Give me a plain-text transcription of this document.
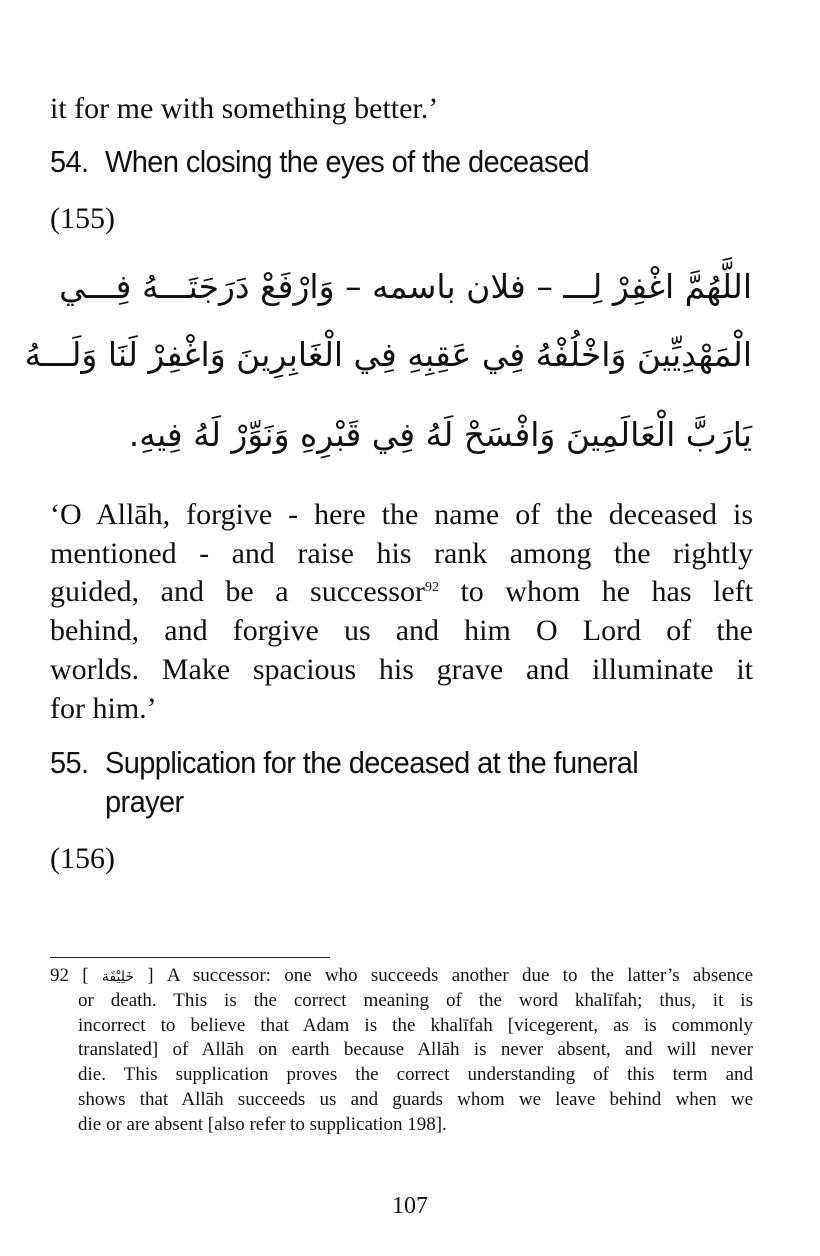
it for me with something better.’
54. When closing the eyes of the deceased
(155)
اللَّهُمَّ اغْفِرْ لِـــ – فلان باسمه – وَارْفَعْ دَرَجَتَـــهُ فِـــي
الْمَهْدِيِّينَ وَاخْلُفْهُ فِي عَقِبِهِ فِي الْغَابِرِينَ وَاغْفِرْ لَنَا وَلَـــهُ
يَارَبَّ الْعَالَمِينَ وَافْسَحْ لَهُ فِي قَبْرِهِ وَنَوِّرْ لَهُ فِيهِ.
‘O Allāh, forgive - here the name of the deceased is
mentioned - and raise his rank among the rightly
guided, and be a successor$^{92}$ to whom he has left
behind, and forgive us and him O Lord of the
worlds. Make spacious his grave and illuminate it
for him.’
55. Supplication for the deceased at the funeral
prayer
(156)
92 [ خَلِيْفَة ] A successor: one who succeeds another due to the latter’s absence
or death. This is the correct meaning of the word khalīfah; thus, it is
incorrect to believe that Adam is the khalīfah [vicegerent, as is commonly
translated] of Allāh on earth because Allāh is never absent, and will never
die. This supplication proves the correct understanding of this term and
shows that Allāh succeeds us and guards whom we leave behind when we
die or are absent [also refer to supplication 198].
107
